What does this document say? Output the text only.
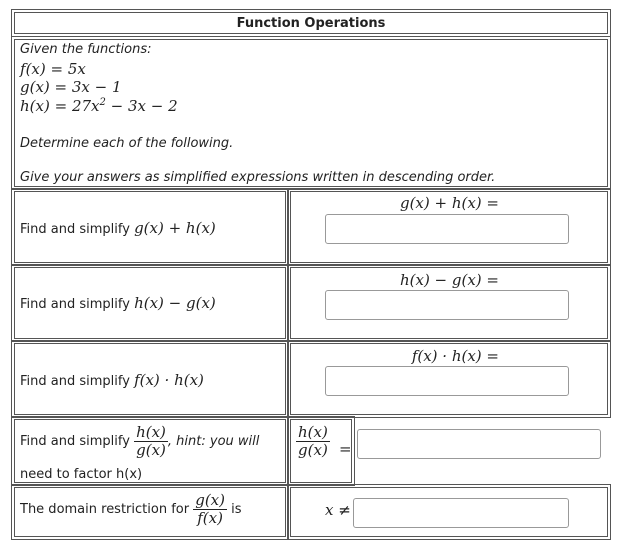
Function Operations
Given the functions:
f(x) = 5x
g(x) = 3x − 1
$h(x) = 27x^2 - 3x - 2$
Determine each of the following.
Give your answers as simplified expressions written in descending order.
Find and simplify g(x) + h(x)
g(x) + h(x) =
Find and simplify h(x) − g(x)
h(x) − g(x) =
Find and simplify f(x) · h(x)
f(x) · h(x) =
Find and simplify $\frac{h(x)}{g(x)}$ , hint: you will
need to factor h(x)
$\frac{h(x)}{g(x)}$ =
The domain restriction for $\frac{g(x)}{f(x)}$ is	x ≠
